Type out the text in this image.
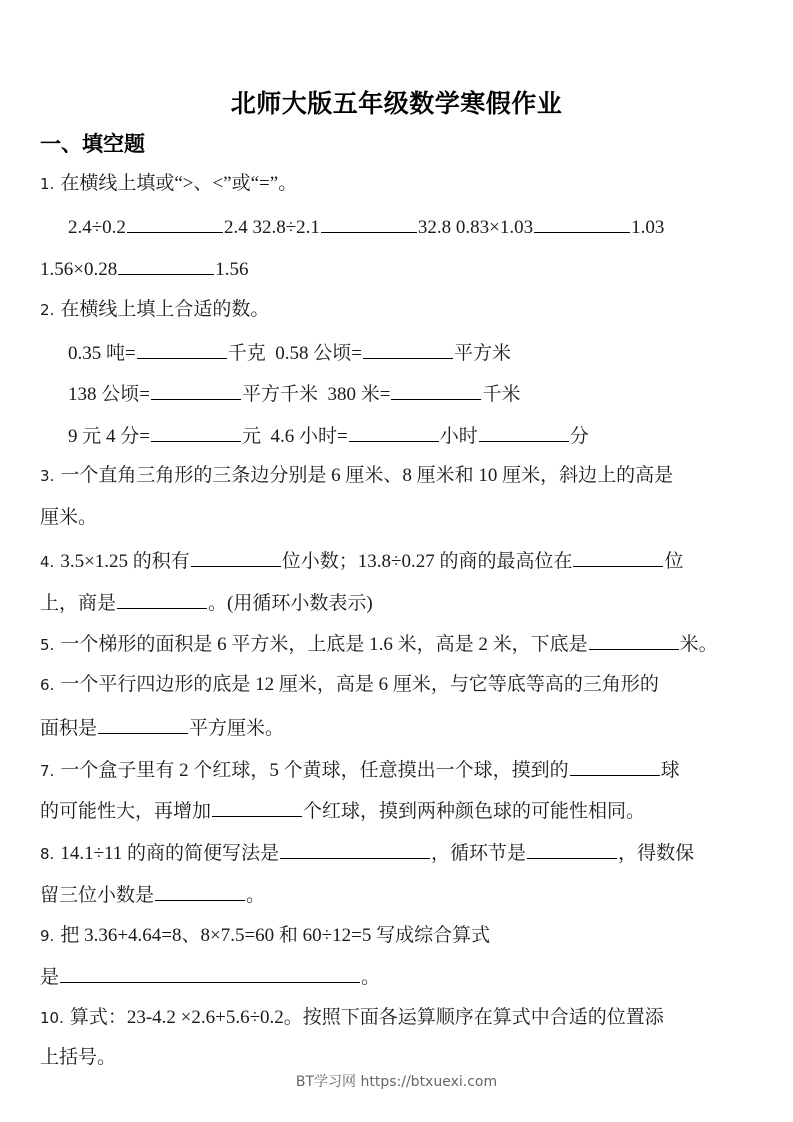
北师大版五年级数学寒假作业
一、填空题
1. 在横线上填或“>、<”或“=”。
2.4÷0.2	2.4 32.8÷2.1	32.8 0.83×1.03	1.03
1.56×0.28	1.56
2. 在横线上填上合适的数。
0.35 吨=	千克 0.58 公顷=	平方米
138 公顷=	平方千米 380 米=	千米
9 元 4 分=	元 4.6 小时=	小时	分
3. 一个直角三角形的三条边分别是 6 厘米、8 厘米和 10 厘米，斜边上的高是
厘米。
4. 3.5×1.25 的积有	位小数；13.8÷0.27 的商的最高位在	位
上，商是	。(用循环小数表示)
5. 一个梯形的面积是 6 平方米，上底是 1.6 米，高是 2 米，下底是	米。
6. 一个平行四边形的底是 12 厘米，高是 6 厘米，与它等底等高的三角形的
面积是	平方厘米。
7. 一个盒子里有 2 个红球，5 个黄球，任意摸出一个球，摸到的	球
的可能性大，再增加	个红球，摸到两种颜色球的可能性相同。
8. 14.1÷11 的商的简便写法是	，循环节是	，得数保
留三位小数是	。
9. 把 3.36+4.64=8、8×7.5=60 和 60÷12=5 写成综合算式
是	。
10. 算式：23-4.2 ×2.6+5.6÷0.2。按照下面各运算顺序在算式中合适的位置添
上括号。
BT学习网 https://btxuexi.com
